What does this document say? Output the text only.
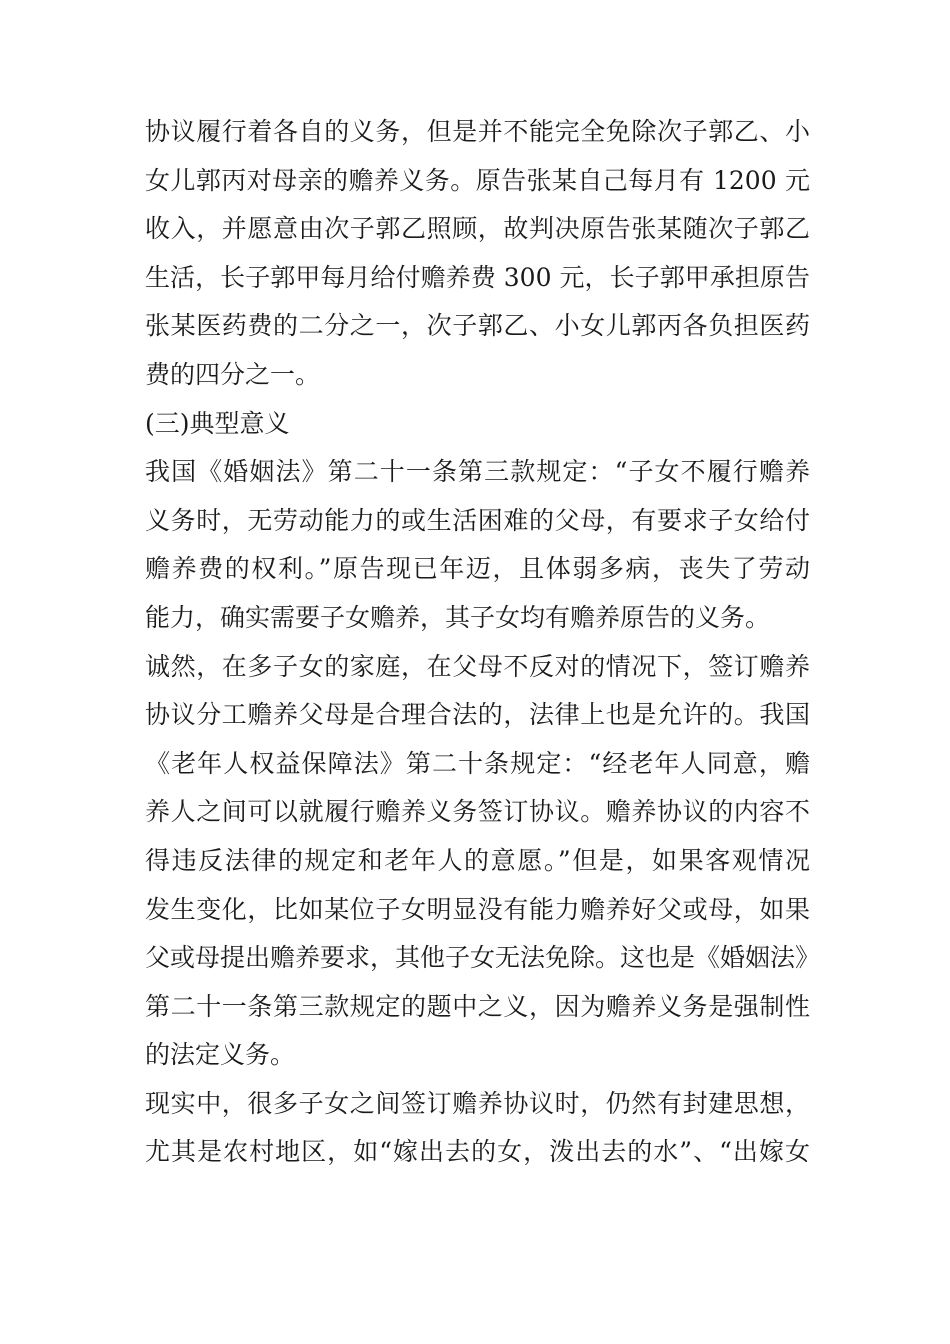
协议履行着各自的义务，但是并不能完全免除次子郭乙、小
女儿郭丙对母亲的赡养义务。原告张某自己每月有 1200 元
收入，并愿意由次子郭乙照顾，故判决原告张某随次子郭乙
生活，长子郭甲每月给付赡养费 300 元，长子郭甲承担原告
张某医药费的二分之一，次子郭乙、小女儿郭丙各负担医药
费的四分之一。
(三)典型意义
我国《婚姻法》第二十一条第三款规定：“子女不履行赡养
义务时，无劳动能力的或生活困难的父母，有要求子女给付
赡养费的权利。”原告现已年迈，且体弱多病，丧失了劳动
能力，确实需要子女赡养，其子女均有赡养原告的义务。
诚然，在多子女的家庭，在父母不反对的情况下，签订赡养
协议分工赡养父母是合理合法的，法律上也是允许的。我国
《老年人权益保障法》第二十条规定：“经老年人同意，赡
养人之间可以就履行赡养义务签订协议。赡养协议的内容不
得违反法律的规定和老年人的意愿。”但是，如果客观情况
发生变化，比如某位子女明显没有能力赡养好父或母，如果
父或母提出赡养要求，其他子女无法免除。这也是《婚姻法》
第二十一条第三款规定的题中之义，因为赡养义务是强制性
的法定义务。
现实中，很多子女之间签订赡养协议时，仍然有封建思想，
尤其是农村地区，如“嫁出去的女，泼出去的水”、“出嫁女
